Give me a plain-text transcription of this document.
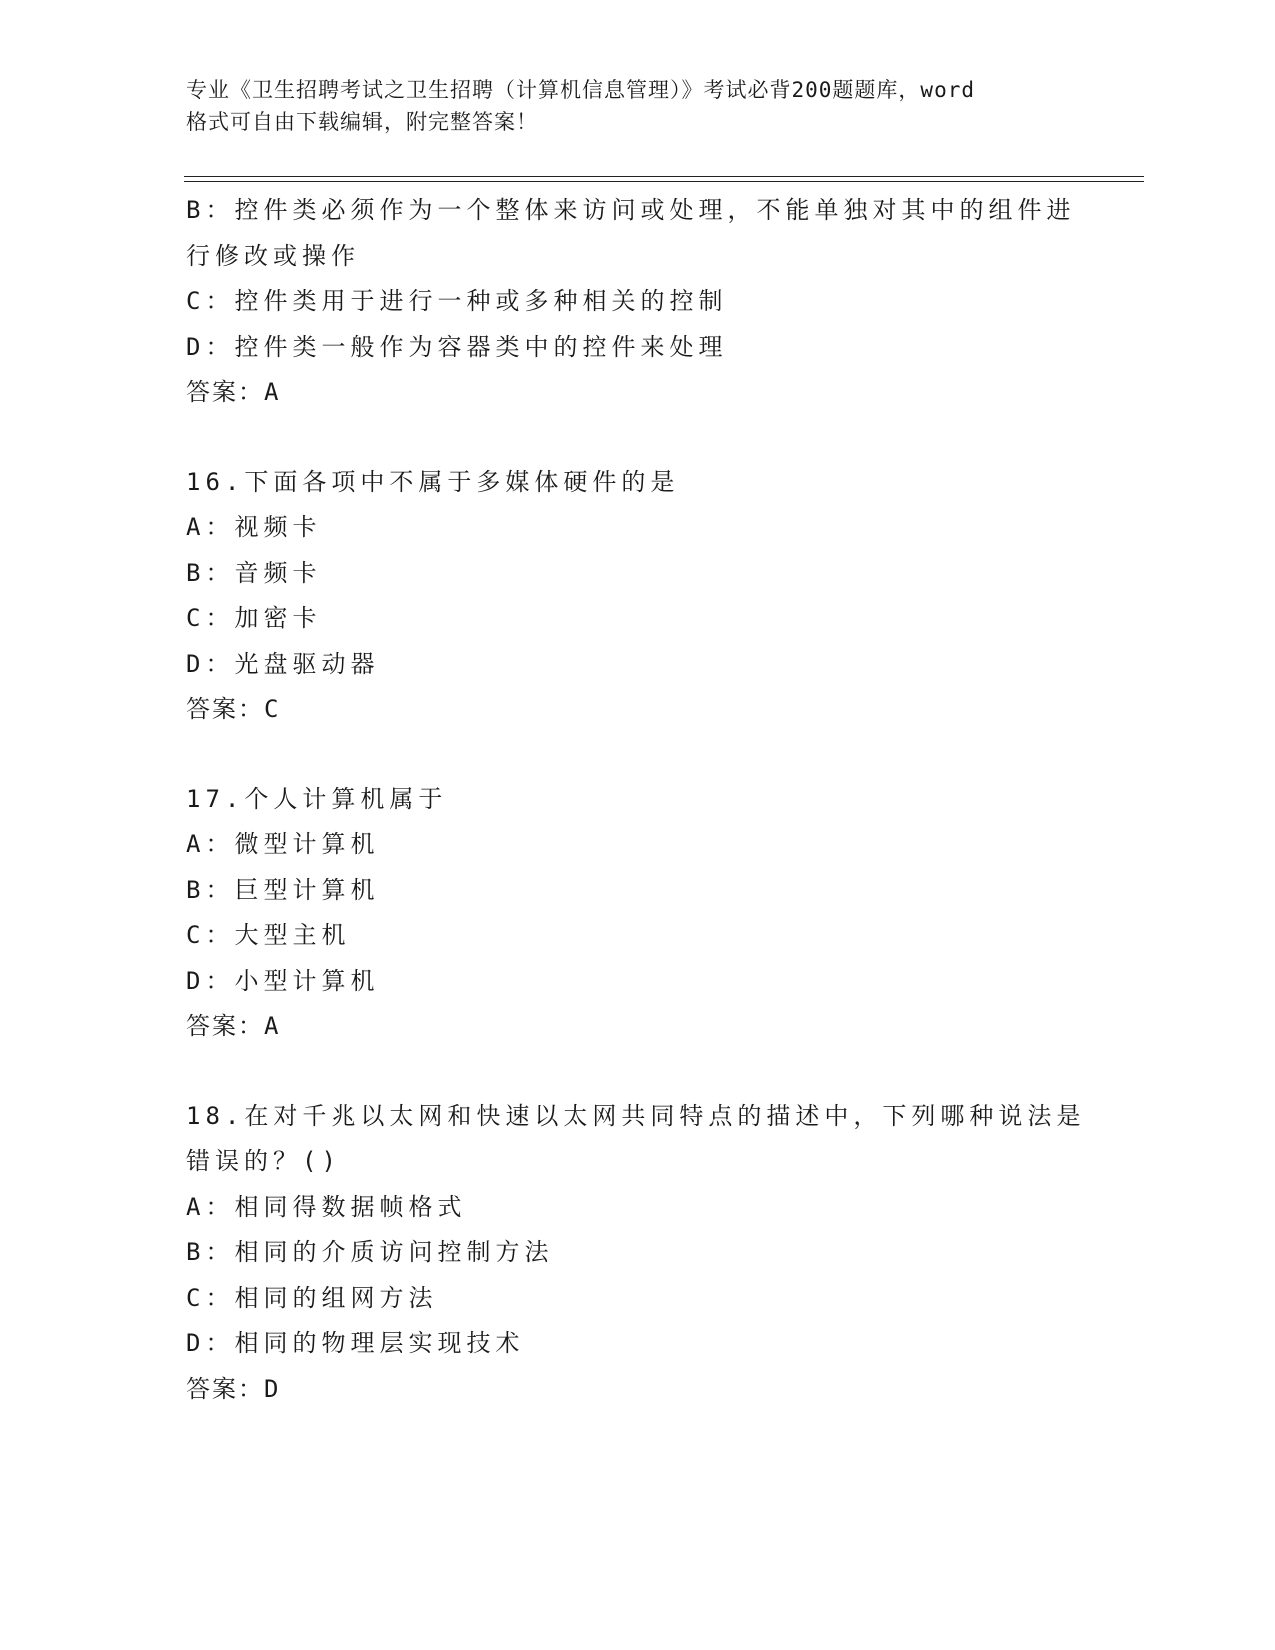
专业《卫生招聘考试之卫生招聘（计算机信息管理）》考试必背200题题库，word
格式可自由下载编辑，附完整答案！
B：控件类必须作为一个整体来访问或处理，不能单独对其中的组件进
行修改或操作
C：控件类用于进行一种或多种相关的控制
D：控件类一般作为容器类中的控件来处理
答案：A
16.下面各项中不属于多媒体硬件的是
A：视频卡
B：音频卡
C：加密卡
D：光盘驱动器
答案：C
17.个人计算机属于
A：微型计算机
B：巨型计算机
C：大型主机
D：小型计算机
答案：A
18.在对千兆以太网和快速以太网共同特点的描述中，下列哪种说法是
错误的？()
A：相同得数据帧格式
B：相同的介质访问控制方法
C：相同的组网方法
D：相同的物理层实现技术
答案：D
